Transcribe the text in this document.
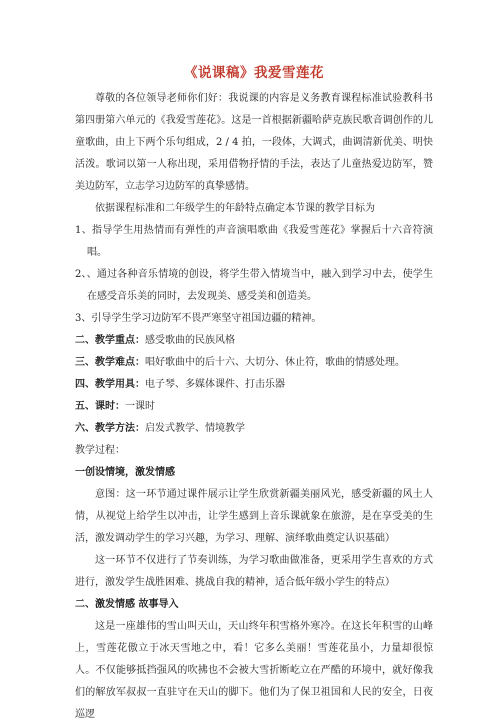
《说课稿》我爱雪莲花

尊敬的各位领导老师你们好：我说课的内容是义务教育课程标准试验教科书第四册第六单元的《我爱雪莲花》。这是一首根据新疆哈萨克族民歌音调创作的儿童歌曲，由上下两个乐句组成，2 / 4 拍，一段体，大调式，曲调清新优美、明快活泼。歌词以第一人称出现，采用借物抒情的手法，表达了儿童热爱边防军，赞美边防军，立志学习边防军的真挚感情。

依据课程标准和二年级学生的年龄特点确定本节课的教学目标为

1、指导学生用热情而有弹性的声音演唱歌曲《我爱雪莲花》掌握后十六音符演唱。

2、、通过各种音乐情境的创设，将学生带入情境当中，融入到学习中去，使学生在感受音乐美的同时，去发现美、感受美和创造美。

3、引导学生学习边防军不畏严寒坚守祖国边疆的精神。

二、教学重点：感受歌曲的民族风格

三、教学难点：唱好歌曲中的后十六、大切分、休止符，歌曲的情感处理。

四、教学用具：电子琴、多媒体课件、打击乐器

五、课时：一课时

六、教学方法：启发式教学、情境教学

教学过程：

一创设情境，激发情感

意图：这一环节通过课件展示让学生欣赏新疆美丽风光，感受新疆的风土人情，从视觉上给学生以冲击，让学生感到上音乐课就象在旅游，是在享受美的生活，激发调动学生的学习兴趣，为学习、理解、演绎歌曲奠定认识基础）

这一环节不仅进行了节奏训练，为学习歌曲做准备，更采用学生喜欢的方式进行，激发学生战胜困难、挑战自我的精神，适合低年级小学生的特点）

二、激发情感 故事导入

这是一座雄伟的雪山叫天山，天山终年积雪格外寒冷。在这长年积雪的山峰上，雪莲花傲立于冰天雪地之中，看！它多么美丽！雪莲花虽小，力量却很惊人。不仅能够抵挡强风的吹拂也不会被大雪折断屹立在严酷的环境中，就好像我们的解放军叔叔一直驻守在天山的脚下。他们为了保卫祖国和人民的安全，日夜巡逻
